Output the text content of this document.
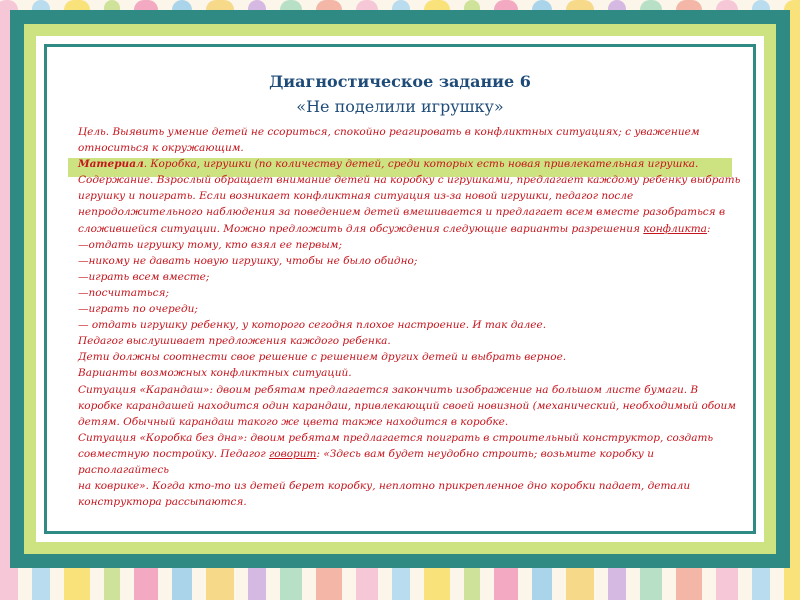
Диагностическое задание 6
«Не поделили игрушку»
Цель. Выявить умение детей не ссориться, спокойно реагировать в конфликтных ситуациях; с уважением
относиться к окружающим.
Материал. Коробка, игрушки (по количеству детей, среди которых есть новая привлекательная игрушка.
Содержание. Взрослый обращает внимание детей на коробку с игрушками, предлагает каждому ребенку выбрать
игрушку и поиграть. Если возникает конфликтная ситуация из-за новой игрушки, педагог после
непродолжительного наблюдения за поведением детей вмешивается и предлагает всем вместе разобраться в
сложившейся ситуации. Можно предложить для обсуждения следующие варианты разрешения конфликта:
—отдать игрушку тому, кто взял ее первым;
—никому не давать новую игрушку, чтобы не было обидно;
—играть всем вместе;
—посчитаться;
—играть по очереди;
— отдать игрушку ребенку, у которого сегодня плохое настроение. И так далее.
Педагог выслушивает предложения каждого ребенка.
Дети должны соотнести свое решение с решением других детей и выбрать верное.
Варианты возможных конфликтных ситуаций.
Ситуация «Карандаш»: двоим ребятам предлагается закончить изображение на большом листе бумаги. В
коробке карандашей находится один карандаш, привлекающий своей новизной (механический, необходимый обоим
детям. Обычный карандаш такого же цвета также находится в коробке.
Ситуация «Коробка без дна»: двоим ребятам предлагается поиграть в строительный конструктор, создать
совместную постройку. Педагог говорит: «Здесь вам будет неудобно строить; возьмите коробку и
располагайтесь
на коврике». Когда кто-то из детей берет коробку, неплотно прикрепленное дно коробки падает, детали
конструктора рассыпаются.
